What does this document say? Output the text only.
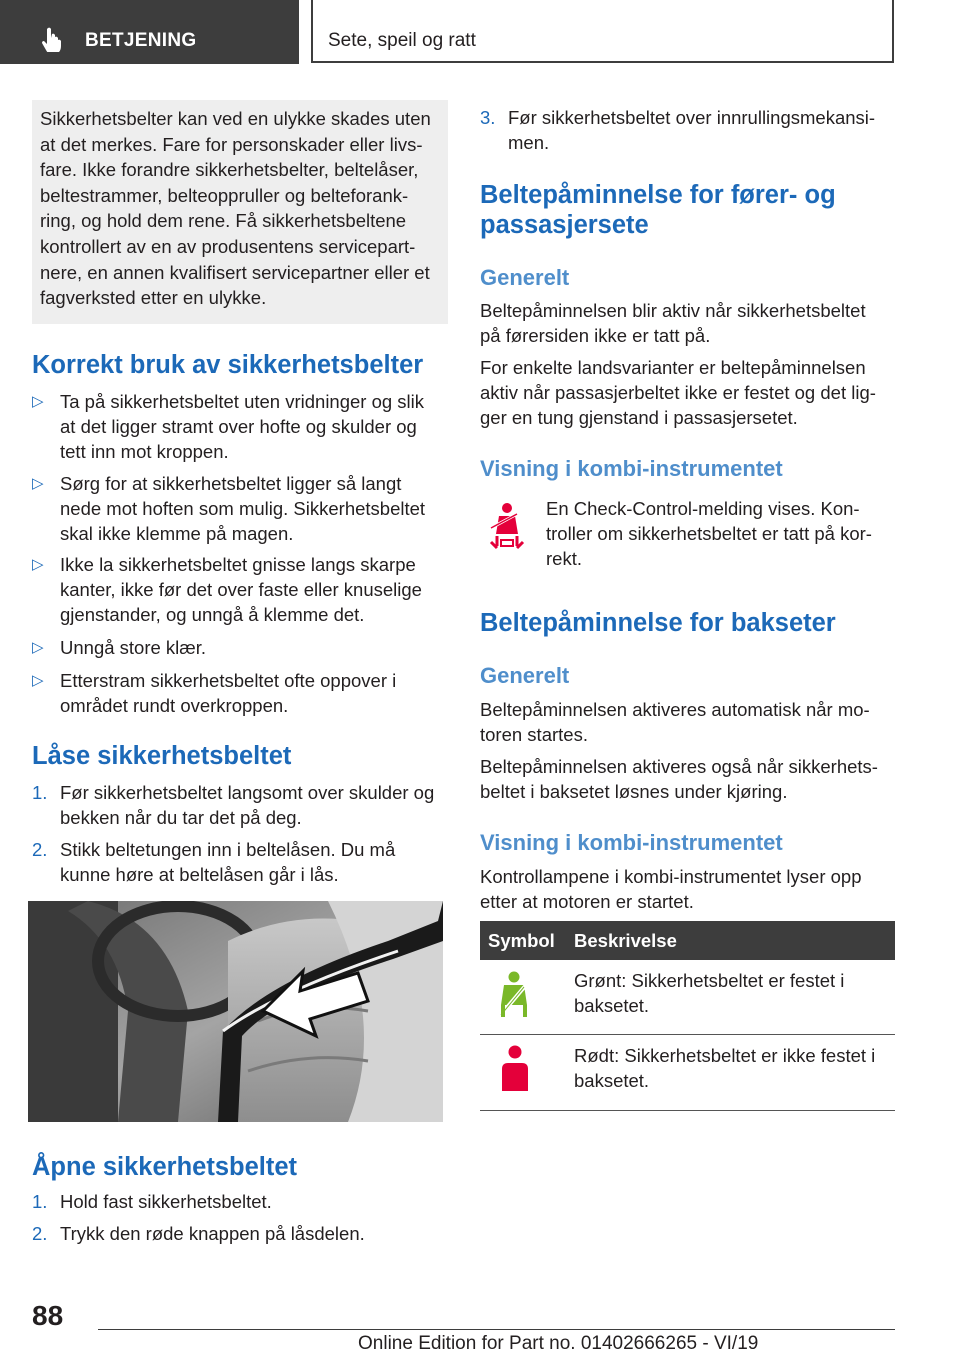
BETJENING	Sete, speil og ratt

Sikkerhetsbelter kan ved en ulykke skades uten

at det merkes. Fare for personskader eller livs-

fare. Ikke forandre sikkerhetsbelter, beltelåser,

beltestrammer, belteoppruller og belteforank-

ring, og hold dem rene. Få sikkerhetsbeltene

kontrollert av en av produsentens servicepart-

nere, en annen kvalifisert servicepartner eller et

fagverksted etter en ulykke.

Korrekt bruk av sikkerhetsbelter
▷ Ta på sikkerhetsbeltet uten vridninger og slik
at det ligger stramt over hofte og skulder og
tett inn mot kroppen.
▷ Sørg for at sikkerhetsbeltet ligger så langt
nede mot hoften som mulig. Sikkerhetsbeltet
skal ikke klemme på magen.
▷ Ikke la sikkerhetsbeltet gnisse langs skarpe
kanter, ikke før det over faste eller knuselige
gjenstander, og unngå å klemme det.
▷ Unngå store klær.
▷ Etterstram sikkerhetsbeltet ofte oppover i
området rundt overkroppen.
Låse sikkerhetsbeltet
1. Før sikkerhetsbeltet langsomt over skulder og
bekken når du tar det på deg.
2. Stikk beltetungen inn i beltelåsen. Du må
kunne høre at beltelåsen går i lås.
Åpne sikkerhetsbeltet
1. Hold fast sikkerhetsbeltet.
2. Trykk den røde knappen på låsdelen.
3. Før sikkerhetsbeltet over innrullingsmekansi-
men.
Beltepåminnelse for fører- og
passasjersete
Generelt
Beltepåminnelsen blir aktiv når sikkerhetsbeltet
på førersiden ikke er tatt på.
For enkelte landsvarianter er beltepåminnelsen
aktiv når passasjerbeltet ikke er festet og det lig-
ger en tung gjenstand i passasjersetet.
Visning i kombi-instrumentet
En Check-Control-melding vises. Kon-
troller om sikkerhetsbeltet er tatt på kor-
rekt.
Beltepåminnelse for bakseter
Generelt
Beltepåminnelsen aktiveres automatisk når mo-
toren startes.
Beltepåminnelsen aktiveres også når sikkerhets-
beltet i baksetet løsnes under kjøring.
Visning i kombi-instrumentet
Kontrollampene i kombi-instrumentet lyser opp
etter at motoren er startet.
Symbol Beskrivelse
Grønt: Sikkerhetsbeltet er festet i
baksetet.
Rødt: Sikkerhetsbeltet er ikke festet i
baksetet.
88
Online Edition for Part no. 01402666265 - VI/19
